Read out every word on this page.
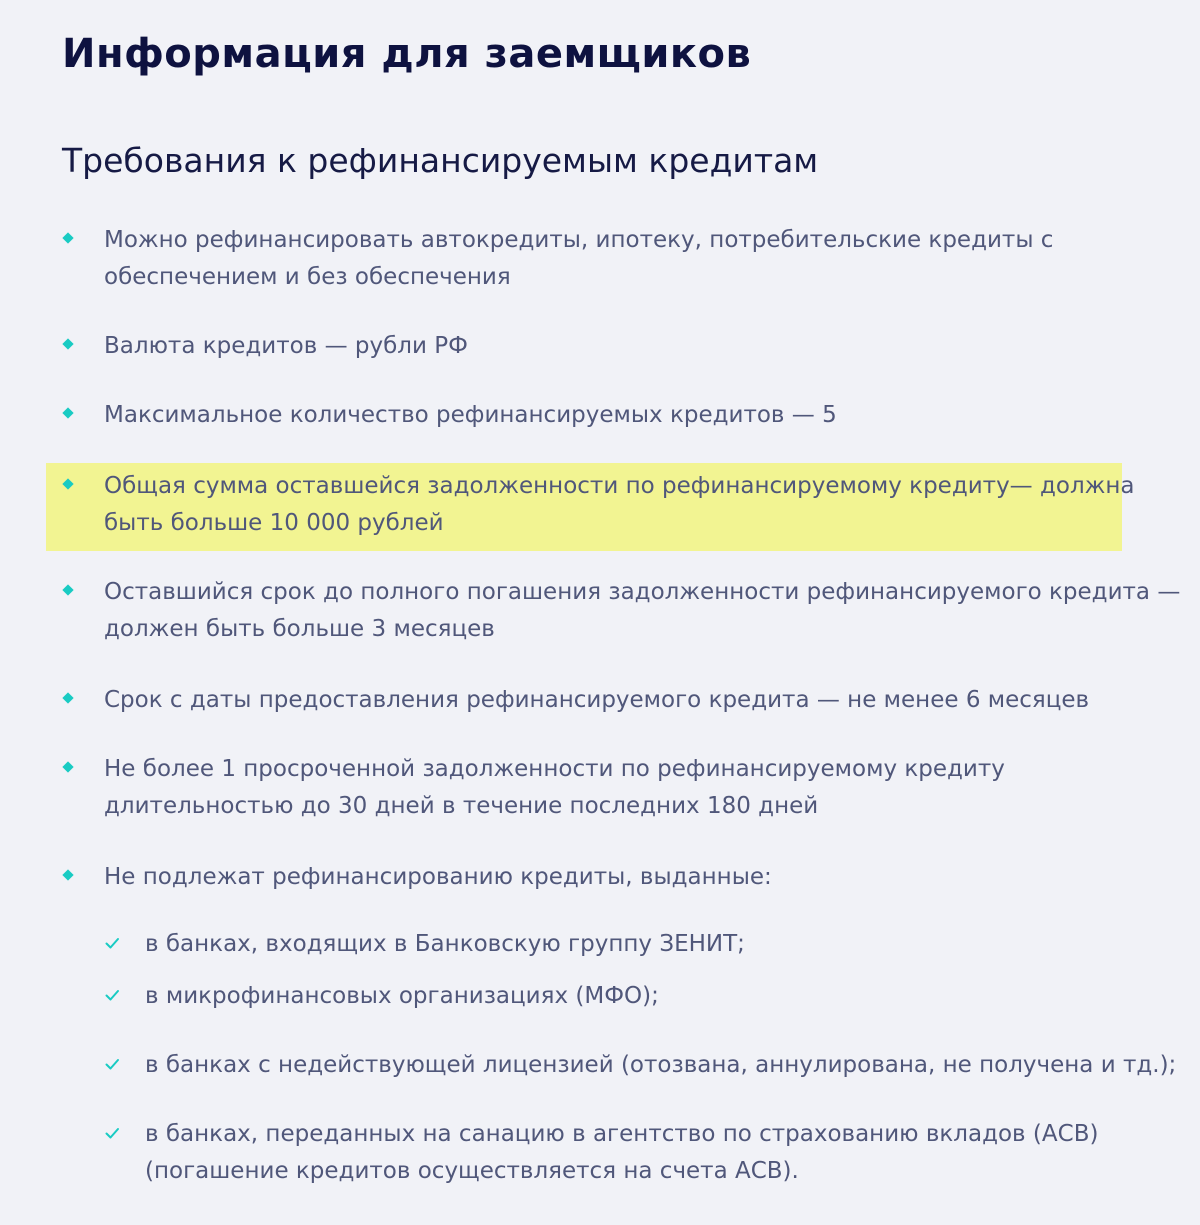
Информация для заемщиков
Требования к рефинансируемым кредитам
Можно рефинансировать автокредиты, ипотеку, потребительские кредиты с
обеспечением и без обеспечения
Валюта кредитов — рубли РФ
Максимальное количество рефинансируемых кредитов — 5
Общая сумма оставшейся задолженности по рефинансируемому кредиту— должна
быть больше 10 000 рублей
Оставшийся срок до полного погашения задолженности рефинансируемого кредита —
должен быть больше 3 месяцев
Срок с даты предоставления рефинансируемого кредита — не менее 6 месяцев
Не более 1 просроченной задолженности по рефинансируемому кредиту
длительностью до 30 дней в течение последних 180 дней
Не подлежат рефинансированию кредиты, выданные:
в банках, входящих в Банковскую группу ЗЕНИТ;
в микрофинансовых организациях (МФО);
в банках с недействующей лицензией (отозвана, аннулирована, не получена и тд.);
в банках, переданных на санацию в агентство по страхованию вкладов (АСВ)
(погашение кредитов осуществляется на счета АСВ).
